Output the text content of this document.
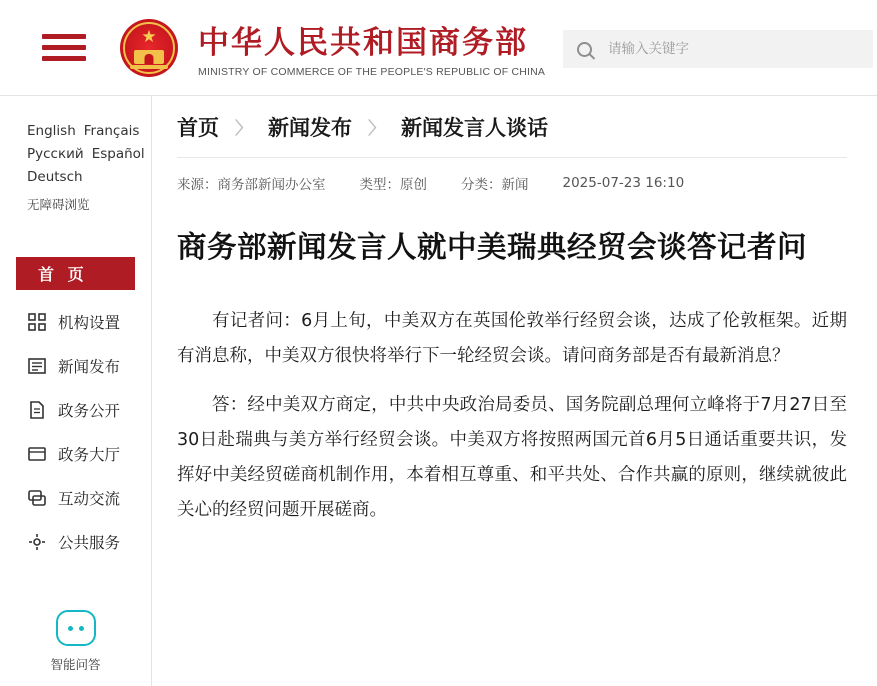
★ 中华人民共和国商务部
MINISTRY OF COMMERCE OF THE PEOPLE'S REPUBLIC OF CHINA
请输入关键字
English Français
Русский Español
Deutsch
无障碍浏览
首 页
机构设置
新闻发布
政务公开
政务大厅
互动交流
公共服务
智能问答
首页 〉 新闻发布 〉 新闻发言人谈话
来源：商务部新闻办公室	类型：原创	分类：新闻	2025-07-23 16:10
商务部新闻发言人就中美瑞典经贸会谈答记者问

有记者问：6月上旬，中美双方在英国伦敦举行经贸会谈，达成了伦敦框架。近期有消息称，中美双方很快将举行下一轮经贸会谈。请问商务部是否有最新消息？

答：经中美双方商定，中共中央政治局委员、国务院副总理何立峰将于7月27日至30日赴瑞典与美方举行经贸会谈。中美双方将按照两国元首6月5日通话重要共识，发挥好中美经贸磋商机制作用，本着相互尊重、和平共处、合作共赢的原则，继续就彼此关心的经贸问题开展磋商。
